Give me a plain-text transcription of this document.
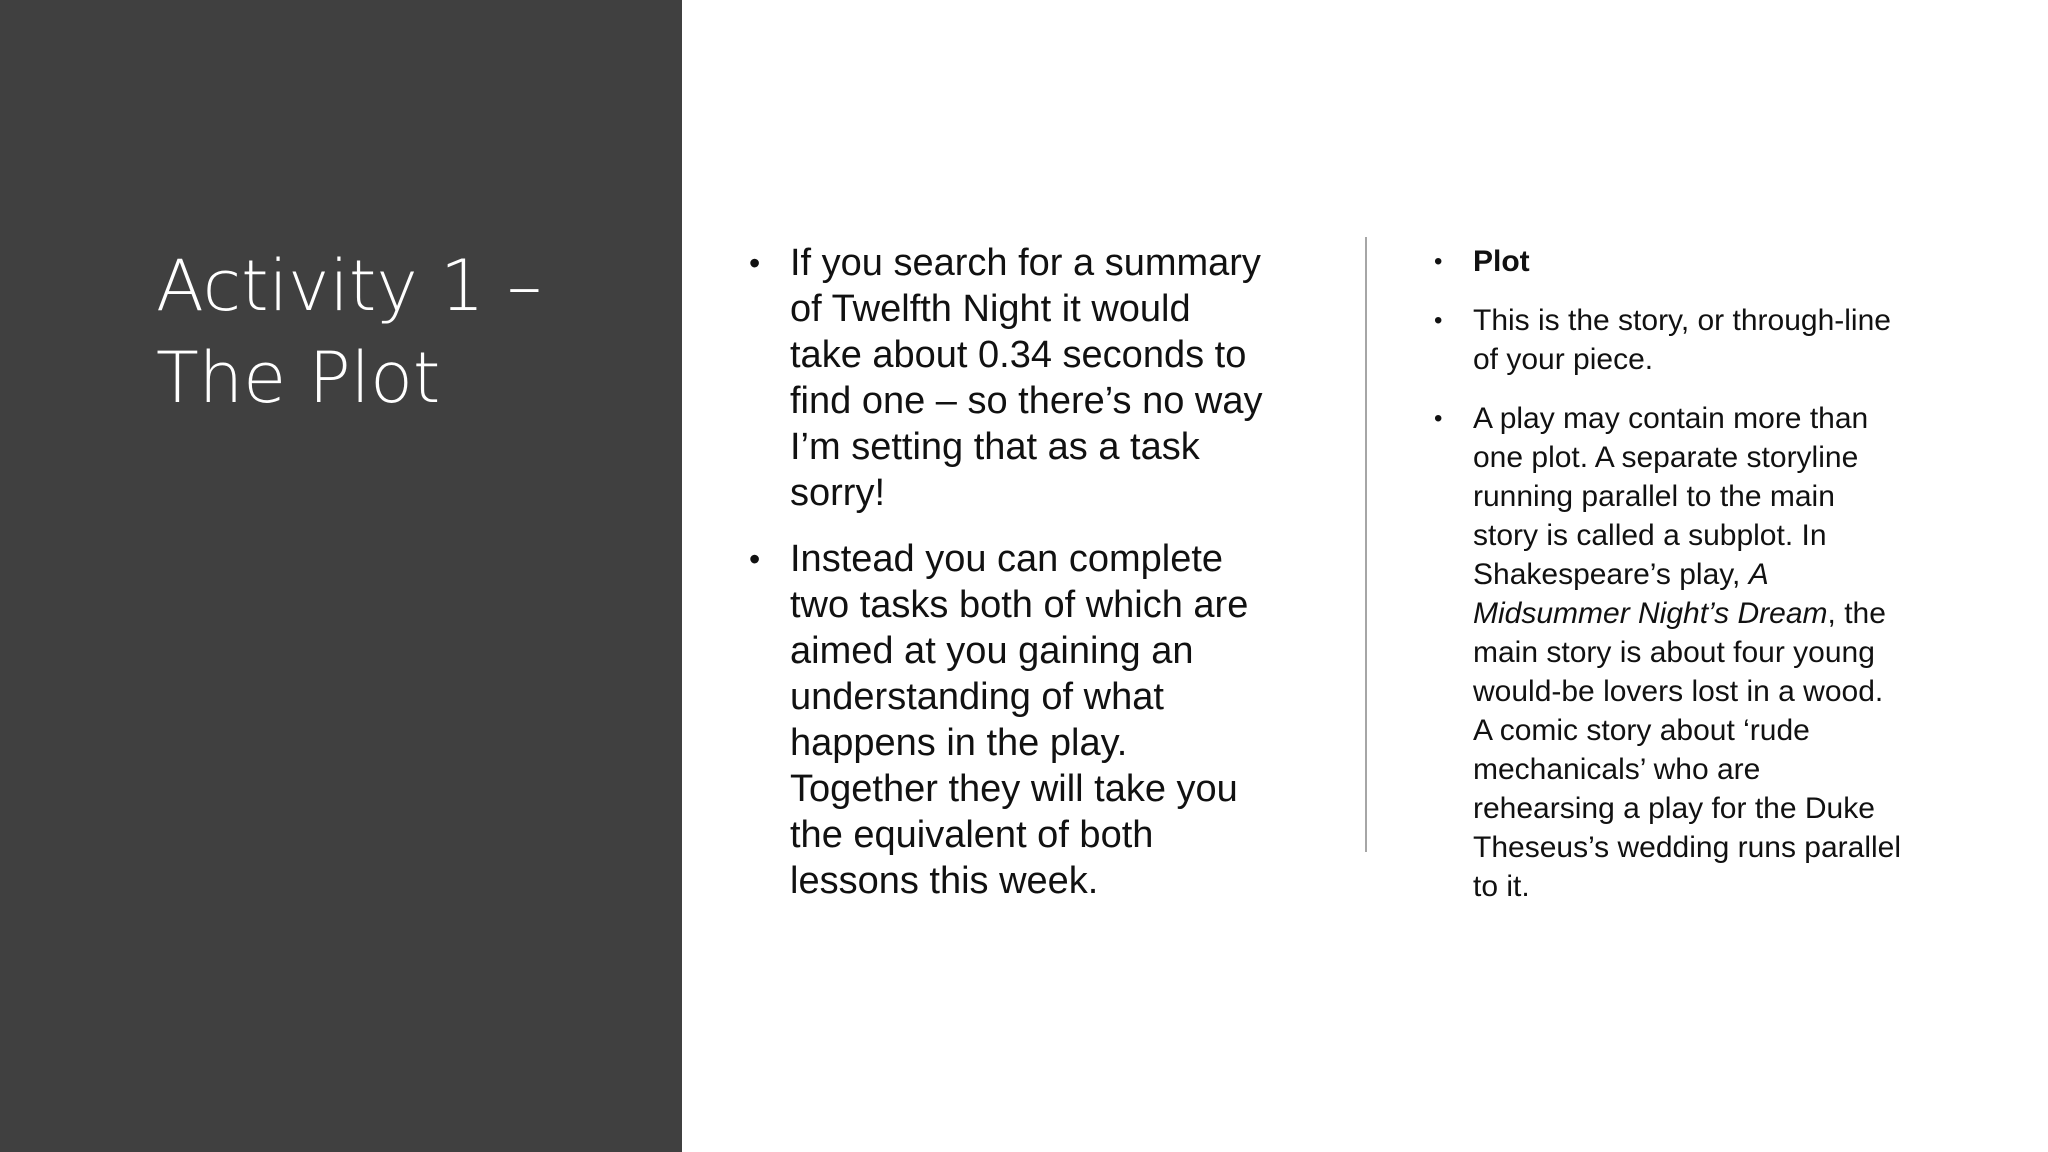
Activity 1 –
The Plot
• If you search for a summary
of Twelfth Night it would
take about 0.34 seconds to
find one – so there’s no way
I’m setting that as a task
sorry!
• Instead you can complete
two tasks both of which are
aimed at you gaining an
understanding of what
happens in the play.
Together they will take you
the equivalent of both
lessons this week.
• Plot
• This is the story, or through-line
of your piece.
• A play may contain more than
one plot. A separate storyline
running parallel to the main
story is called a subplot. In
Shakespeare’s play, A
Midsummer Night’s Dream, the
main story is about four young
would-be lovers lost in a wood.
A comic story about ‘rude
mechanicals’ who are
rehearsing a play for the Duke
Theseus’s wedding runs parallel
to it.
